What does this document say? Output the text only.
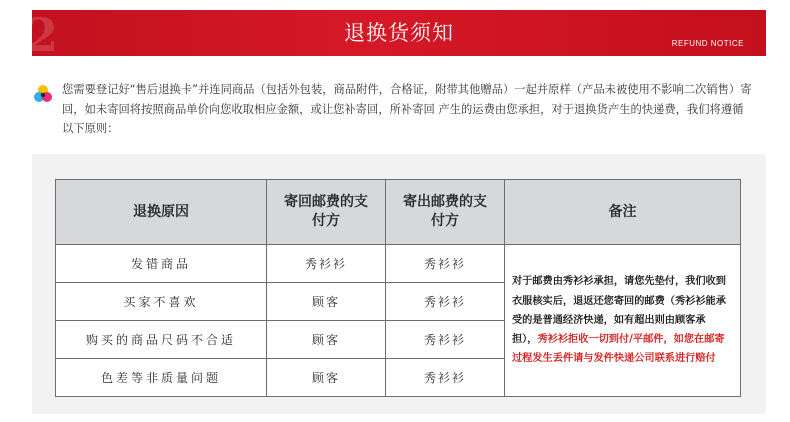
2	退换货须知	REFUND NOTICE

您需要登记好“售后退换卡”并连同商品（包括外包装，商品附件，合格证，附带其他赠品）一起并原样（产品未被使用不影响二次销售）寄回，如未寄回将按照商品单价向您收取相应金额，或让您补寄回，所补寄回 产生的运费由您承担，对于退换货产生的快递费，我们将遵循以下原则：

退换原因	寄回邮费的支付方	寄出邮费的支付方	备注
发错商品	秀衫衫	秀衫衫	对于邮费由秀衫衫承担，请您先垫付，我们收到衣服核实后，退返还您寄回的邮费（秀衫衫能承受的是普通经济快递，如有超出则由顾客承担），秀衫衫拒收一切到付/平邮件，如您在邮寄过程发生丢件请与发件快递公司联系进行赔付
买家不喜欢	顾客	秀衫衫	
购买的商品尺码不合适	顾客	秀衫衫	
色差等非质量问题	顾客	秀衫衫	
